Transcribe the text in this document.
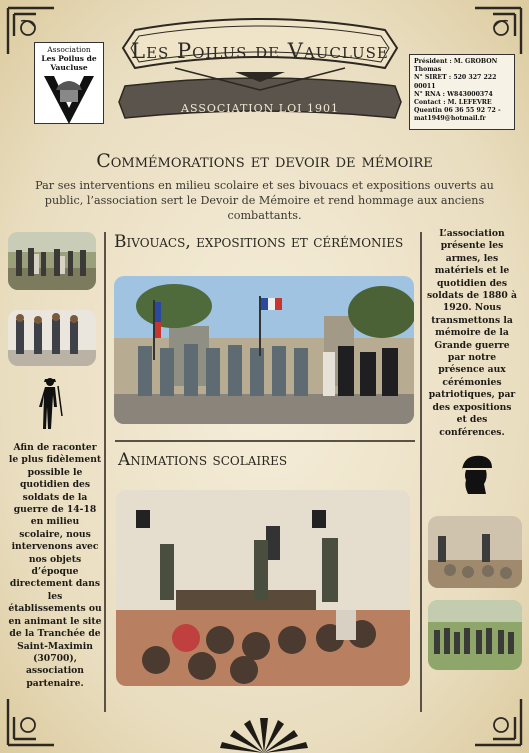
Association
Les Poilus de Vaucluse
Les Poilus de Vaucluse
ASSOCIATION LOI 1901
Président : M. GROBON
Thomas
N° SIRET : 520 327 222
00011
N° RNA : W843000374
Contact : M. LEFEVRE
Quentin 06 36 55 92 72 -
mat1949@hotmail.fr
Commémorations et devoir de mémoire
Par ses interventions en milieu scolaire et ses bivouacs et expositions ouverts au public, l’association sert le Devoir de Mémoire et rend hommage aux anciens combattants.
Afin de raconter le plus fidèlement possible le quotidien des soldats de la guerre de 14-18 en milieu scolaire, nous intervenons avec nos objets d’époque directement dans les établissements ou en animant le site de la Tranchée de Saint-Maximin (30700), association partenaire.
Bivouacs, expositions et cérémonies	L’association présente les armes, les matériels et le quotidien des soldats de 1880 à 1920. Nous transmettons la mémoire de la Grande guerre par notre présence aux cérémonies patriotiques, par des expositions et des conférences.
Animations scolaires
